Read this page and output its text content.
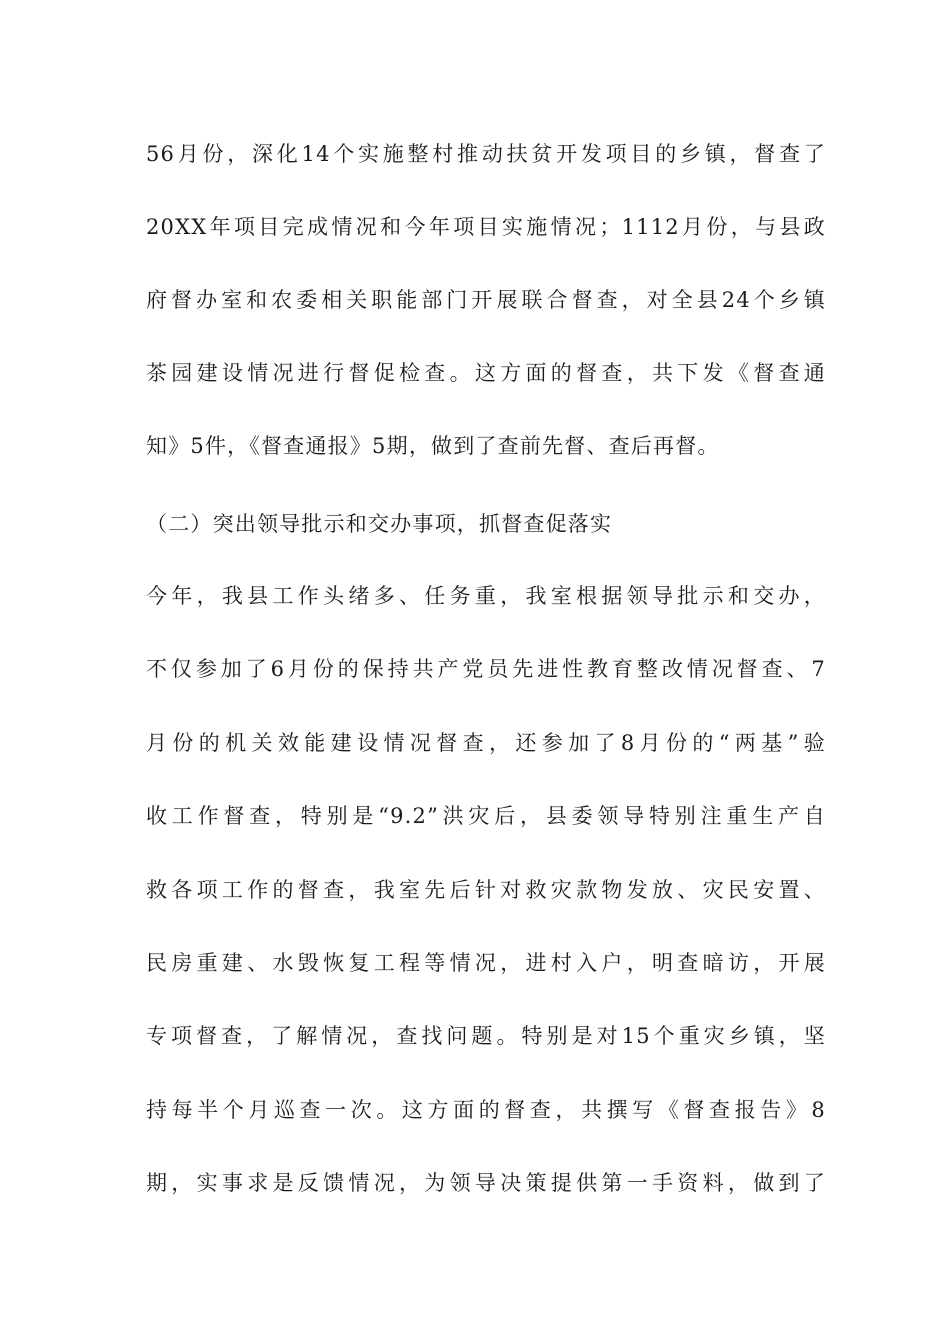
56月份，深化14个实施整村推动扶贫开发项目的乡镇，督查了
20XX年项目完成情况和今年项目实施情况；1112月份，与县政
府督办室和农委相关职能部门开展联合督查，对全县24个乡镇
茶园建设情况进行督促检查。这方面的督查，共下发《督查通
知》5件，《督查通报》5期，做到了查前先督、查后再督。
（二）突出领导批示和交办事项，抓督查促落实
今年，我县工作头绪多、任务重，我室根据领导批示和交办，
不仅参加了6月份的保持共产党员先进性教育整改情况督查、7
月份的机关效能建设情况督查，还参加了8月份的“两基”验
收工作督查，特别是“9.2”洪灾后，县委领导特别注重生产自
救各项工作的督查，我室先后针对救灾款物发放、灾民安置、
民房重建、水毁恢复工程等情况，进村入户，明查暗访，开展
专项督查，了解情况，查找问题。特别是对15个重灾乡镇，坚
持每半个月巡查一次。这方面的督查，共撰写《督查报告》8
期，实事求是反馈情况，为领导决策提供第一手资料，做到了
